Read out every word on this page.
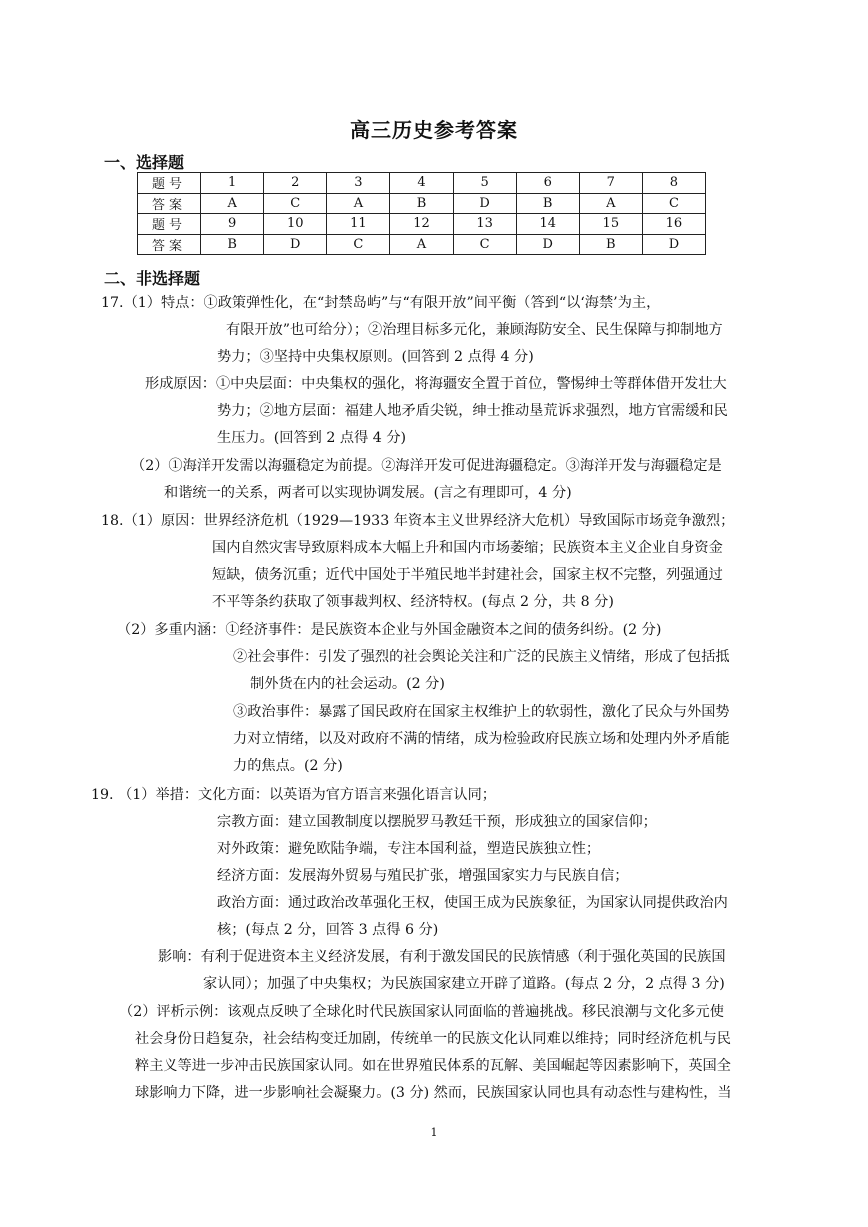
高三历史参考答案
一、选择题
题号	1	2	3	4	5	6	7	8
答案	A	C	A	B	D	B	A	C
题号	9	10	11	12	13	14	15	16
答案	B	D	C	A	C	D	B	D
二、非选择题
17.（1）特点：①政策弹性化，在“封禁岛屿”与“有限开放”间平衡（答到“以‘海禁’为主，
有限开放”也可给分）；②治理目标多元化，兼顾海防安全、民生保障与抑制地方
势力；③坚持中央集权原则。(回答到 2 点得 4 分)
形成原因：①中央层面：中央集权的强化，将海疆安全置于首位，警惕绅士等群体借开发壮大
势力；②地方层面：福建人地矛盾尖锐，绅士推动垦荒诉求强烈，地方官需缓和民
生压力。(回答到 2 点得 4 分)
（2）①海洋开发需以海疆稳定为前提。②海洋开发可促进海疆稳定。③海洋开发与海疆稳定是
和谐统一的关系，两者可以实现协调发展。(言之有理即可，4 分)
18.（1）原因：世界经济危机（1929—1933 年资本主义世界经济大危机）导致国际市场竞争激烈；
国内自然灾害导致原料成本大幅上升和国内市场萎缩；民族资本主义企业自身资金
短缺，债务沉重；近代中国处于半殖民地半封建社会，国家主权不完整，列强通过
不平等条约获取了领事裁判权、经济特权。(每点 2 分，共 8 分)
（2）多重内涵：①经济事件：是民族资本企业与外国金融资本之间的债务纠纷。(2 分)
②社会事件：引发了强烈的社会舆论关注和广泛的民族主义情绪，形成了包括抵
制外货在内的社会运动。(2 分)
③政治事件：暴露了国民政府在国家主权维护上的软弱性，激化了民众与外国势
力对立情绪，以及对政府不满的情绪，成为检验政府民族立场和处理内外矛盾能
力的焦点。(2 分)
19. （1）举措：文化方面：以英语为官方语言来强化语言认同；
宗教方面：建立国教制度以摆脱罗马教廷干预，形成独立的国家信仰；
对外政策：避免欧陆争端，专注本国利益，塑造民族独立性；
经济方面：发展海外贸易与殖民扩张，增强国家实力与民族自信；
政治方面：通过政治改革强化王权，使国王成为民族象征，为国家认同提供政治内
核；(每点 2 分，回答 3 点得 6 分)
影响：有利于促进资本主义经济发展，有利于激发国民的民族情感（利于强化英国的民族国
家认同）；加强了中央集权；为民族国家建立开辟了道路。(每点 2 分，2 点得 3 分)
（2）评析示例：该观点反映了全球化时代民族国家认同面临的普遍挑战。移民浪潮与文化多元使
社会身份日趋复杂，社会结构变迁加剧，传统单一的民族文化认同难以维持；同时经济危机与民
粹主义等进一步冲击民族国家认同。如在世界殖民体系的瓦解、美国崛起等因素影响下，英国全
球影响力下降，进一步影响社会凝聚力。(3 分) 然而，民族国家认同也具有动态性与建构性，当
1
